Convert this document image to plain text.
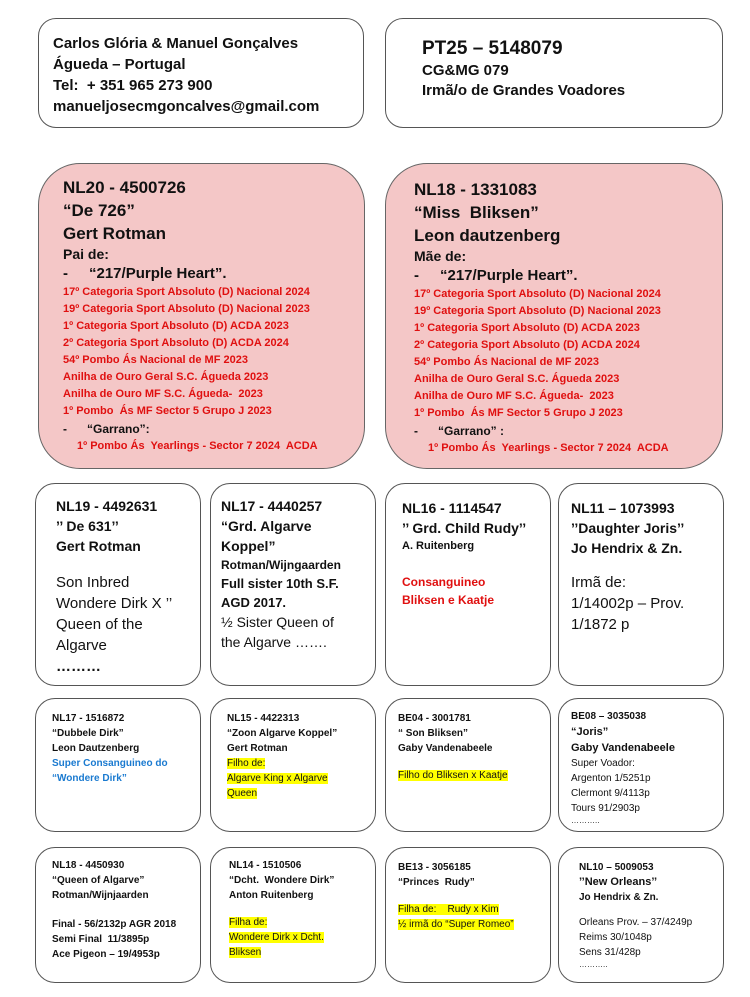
Carlos Glória & Manuel Gonçalves
Águeda – Portugal
Tel:  + 351 965 273 900
manueljosecmgoncalves@gmail.com
PT25 – 5148079
CG&MG 079
Irmã/o de Grandes Voadores
NL20 - 4500726
“De 726”
Gert Rotman
Pai de:
- “217/Purple Heart”.
17º Categoria Sport Absoluto (D) Nacional 2024
19º Categoria Sport Absoluto (D) Nacional 2023
1º Categoria Sport Absoluto (D) ACDA 2023
2º Categoria Sport Absoluto (D) ACDA 2024
54º Pombo Ás Nacional de MF 2023
Anilha de Ouro Geral S.C. Águeda 2023
Anilha de Ouro MF S.C. Águeda-  2023
1º Pombo  Ás MF Sector 5 Grupo J 2023
- “Garrano”:
1º Pombo Ás  Yearlings - Sector 7 2024  ACDA
NL18 - 1331083
“Miss  Bliksen”
Leon dautzenberg
Mãe de:
- “217/Purple Heart”.
17º Categoria Sport Absoluto (D) Nacional 2024
19º Categoria Sport Absoluto (D) Nacional 2023
1º Categoria Sport Absoluto (D) ACDA 2023
2º Categoria Sport Absoluto (D) ACDA 2024
54º Pombo Ás Nacional de MF 2023
Anilha de Ouro Geral S.C. Águeda 2023
Anilha de Ouro MF S.C. Águeda-  2023
1º Pombo  Ás MF Sector 5 Grupo J 2023
- “Garrano” :
1º Pombo Ás  Yearlings - Sector 7 2024  ACDA
NL19 - 4492631
’’ De 631’’
Gert Rotman
Son Inbred
Wondere Dirk X ’’
Queen of the
Algarve
………
NL17 - 4440257
“Grd. Algarve
Koppel”
Rotman/Wijngaarden
Full sister 10th S.F.
AGD 2017.
½ Sister Queen of
the Algarve …….
NL16 - 1114547
’’ Grd. Child Rudy’’
A. Ruitenberg
Consanguineo
Bliksen e Kaatje
NL11 – 1073993
’’Daughter Joris’’
Jo Hendrix & Zn.
Irmã de:
1/14002p – Prov.
1/1872 p
NL17 - 1516872
“Dubbele Dirk”
Leon Dautzenberg
Super Consanguineo do
“Wondere Dirk”
NL15 - 4422313
“Zoon Algarve Koppel”
Gert Rotman
Filho de:
Algarve King x Algarve
Queen
BE04 - 3001781
“ Son Bliksen”
Gaby Vandenabeele
Filho do Bliksen x Kaatje
BE08 – 3035038
“Joris”
Gaby Vandenabeele
Super Voador:
Argenton 1/5251p
Clermont 9/4113p
Tours 91/2903p
………..
NL18 - 4450930
“Queen of Algarve”
Rotman/Wijnjaarden
Final - 56/2132p AGR 2018
Semi Final  11/3895p
Ace Pigeon – 19/4953p
NL14 - 1510506
“Dcht.  Wondere Dirk”
Anton Ruitenberg
Filha de:
Wondere Dirk x Dcht.
Bliksen
BE13 - 3056185
“Princes  Rudy”
Filha de:    Rudy x Kim
½ irmã do “Super Romeo”
NL10 – 5009053
’’New Orleans’’
Jo Hendrix & Zn.
Orleans Prov. – 37/4249p
Reims 30/1048p
Sens 31/428p
………..
